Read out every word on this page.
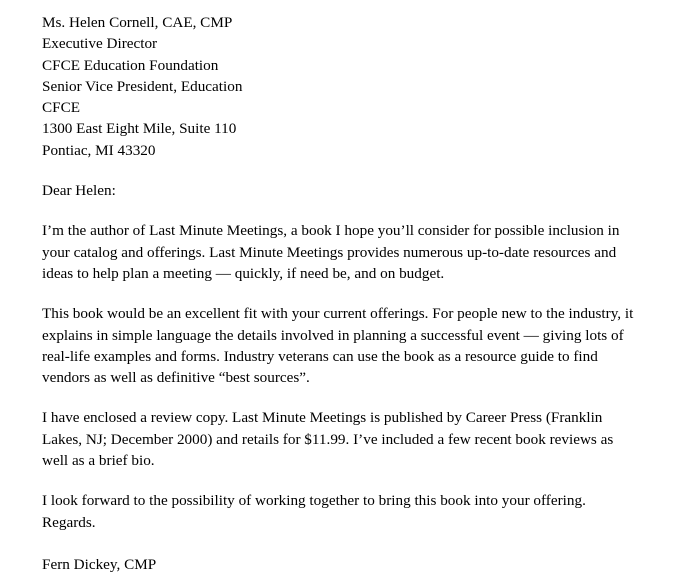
Ms. Helen Cornell, CAE, CMP
Executive Director
CFCE Education Foundation
Senior Vice President, Education
CFCE
1300 East Eight Mile, Suite 110
Pontiac, MI 43320

Dear Helen:

I’m the author of Last Minute Meetings, a book I hope you’ll consider for possible inclusion in your catalog and offerings. Last Minute Meetings provides numerous up-to-date resources and ideas to help plan a meeting — quickly, if need be, and on budget.

This book would be an excellent fit with your current offerings. For people new to the industry, it explains in simple language the details involved in planning a successful event — giving lots of real-life examples and forms. Industry veterans can use the book as a resource guide to find vendors as well as definitive “best sources”.

I have enclosed a review copy. Last Minute Meetings is published by Career Press (Franklin Lakes, NJ; December 2000) and retails for $11.99. I’ve included a few recent book reviews as well as a brief bio.

I look forward to the possibility of working together to bring this book into your offering.

Regards.

Fern Dickey, CMP
